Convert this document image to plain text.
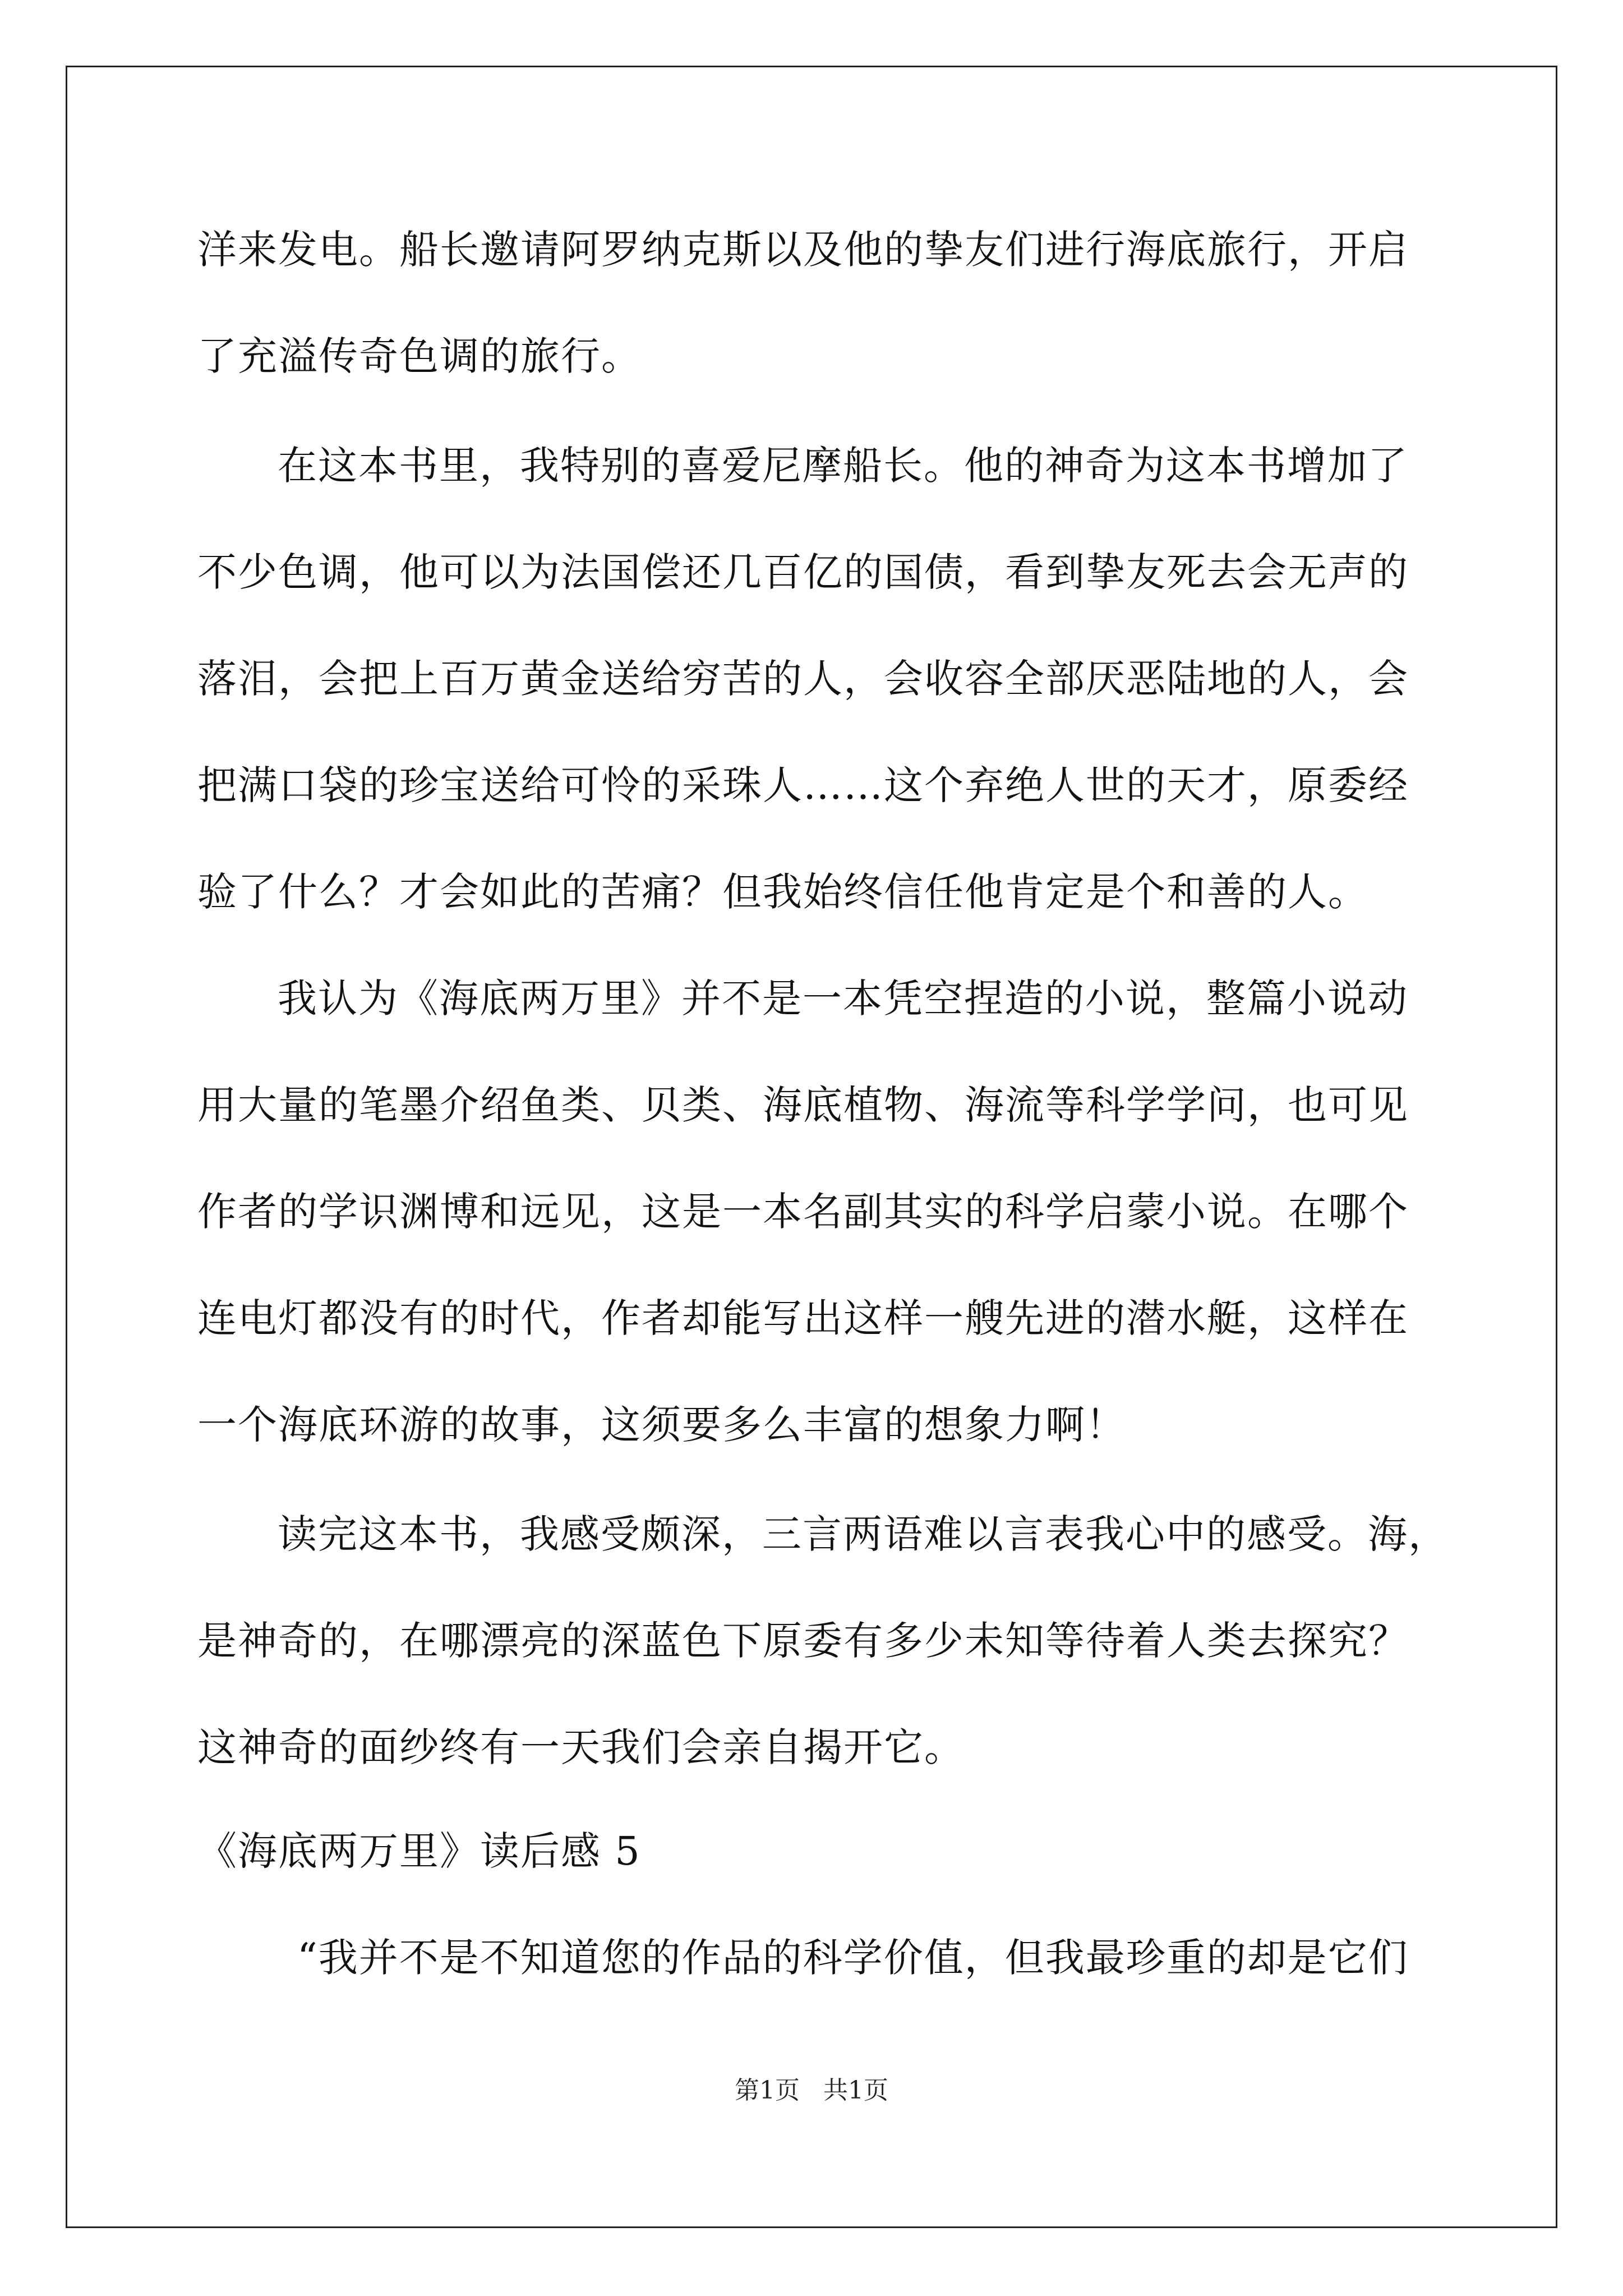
洋来发电。船长邀请阿罗纳克斯以及他的挚友们进行海底旅行，开启
了充溢传奇色调的旅行。
在这本书里，我特别的喜爱尼摩船长。他的神奇为这本书增加了
不少色调，他可以为法国偿还几百亿的国债，看到挚友死去会无声的
落泪，会把上百万黄金送给穷苦的人，会收容全部厌恶陆地的人，会
把满口袋的珍宝送给可怜的采珠人……这个弃绝人世的天才，原委经
验了什么？才会如此的苦痛？但我始终信任他肯定是个和善的人。
我认为《海底两万里》并不是一本凭空捏造的小说，整篇小说动
用大量的笔墨介绍鱼类、贝类、海底植物、海流等科学学问，也可见
作者的学识渊博和远见，这是一本名副其实的科学启蒙小说。在哪个
连电灯都没有的时代，作者却能写出这样一艘先进的潜水艇，这样在
一个海底环游的故事，这须要多么丰富的想象力啊！
读完这本书，我感受颇深，三言两语难以言表我心中的感受。海，
是神奇的，在哪漂亮的深蓝色下原委有多少未知等待着人类去探究？
这神奇的面纱终有一天我们会亲自揭开它。
《海底两万里》读后感 5
“我并不是不知道您的作品的科学价值，但我最珍重的却是它们
第1页   共1页
